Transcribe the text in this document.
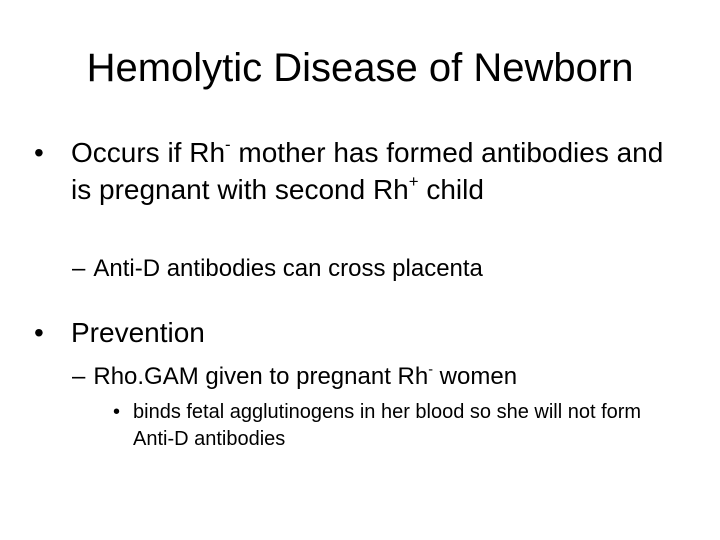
Hemolytic Disease of Newborn
• Occurs if Rh- mother has formed antibodies and is pregnant with second Rh+ child
– Anti-D antibodies can cross placenta
• Prevention
– Rho.GAM given to pregnant Rh- women
• binds fetal agglutinogens in her blood so she will not form Anti-D antibodies
